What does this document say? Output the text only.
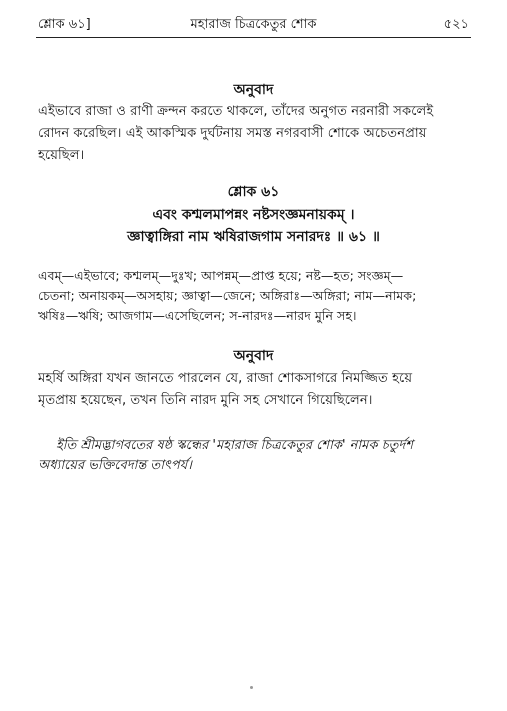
শ্লোক ৬১]	মহারাজ চিত্রকেতুর শোক	৫২১
অনুবাদ
এইভাবে রাজা ও রাণী ক্রন্দন করতে থাকলে, তাঁদের অনুগত নরনারী সকলেই
রোদন করেছিল। এই আকস্মিক দুর্ঘটনায় সমস্ত নগরবাসী শোকে অচেতনপ্রায়
হয়েছিল।
শ্লোক ৬১
এবং কশ্মলমাপন্নং নষ্টসংজ্ঞমনায়কম্ ।
জ্ঞাত্বাঙ্গিরা নাম ঋষিরাজগাম সনারদঃ ॥ ৬১ ॥
এবম্—এইভাবে; কশ্মলম্—দুঃখ; আপন্নম্—প্রাপ্ত হয়ে; নষ্ট—হত; সংজ্ঞম্—
চেতনা; অনায়কম্—অসহায়; জ্ঞাত্বা—জেনে; অঙ্গিরাঃ—অঙ্গিরা; নাম—নামক;
ঋষিঃ—ঋষি; আজগাম—এসেছিলেন; স-নারদঃ—নারদ মুনি সহ।
অনুবাদ
মহর্ষি অঙ্গিরা যখন জানতে পারলেন যে, রাজা শোকসাগরে নিমজ্জিত হয়ে
মৃতপ্রায় হয়েছেন, তখন তিনি নারদ মুনি সহ সেখানে গিয়েছিলেন।
ইতি শ্রীমদ্ভাগবতের ষষ্ঠ স্কন্ধের 'মহারাজ চিত্রকেতুর শোক' নামক চতুর্দশ
অধ্যায়ের ভক্তিবেদান্ত তাৎপর্য।
